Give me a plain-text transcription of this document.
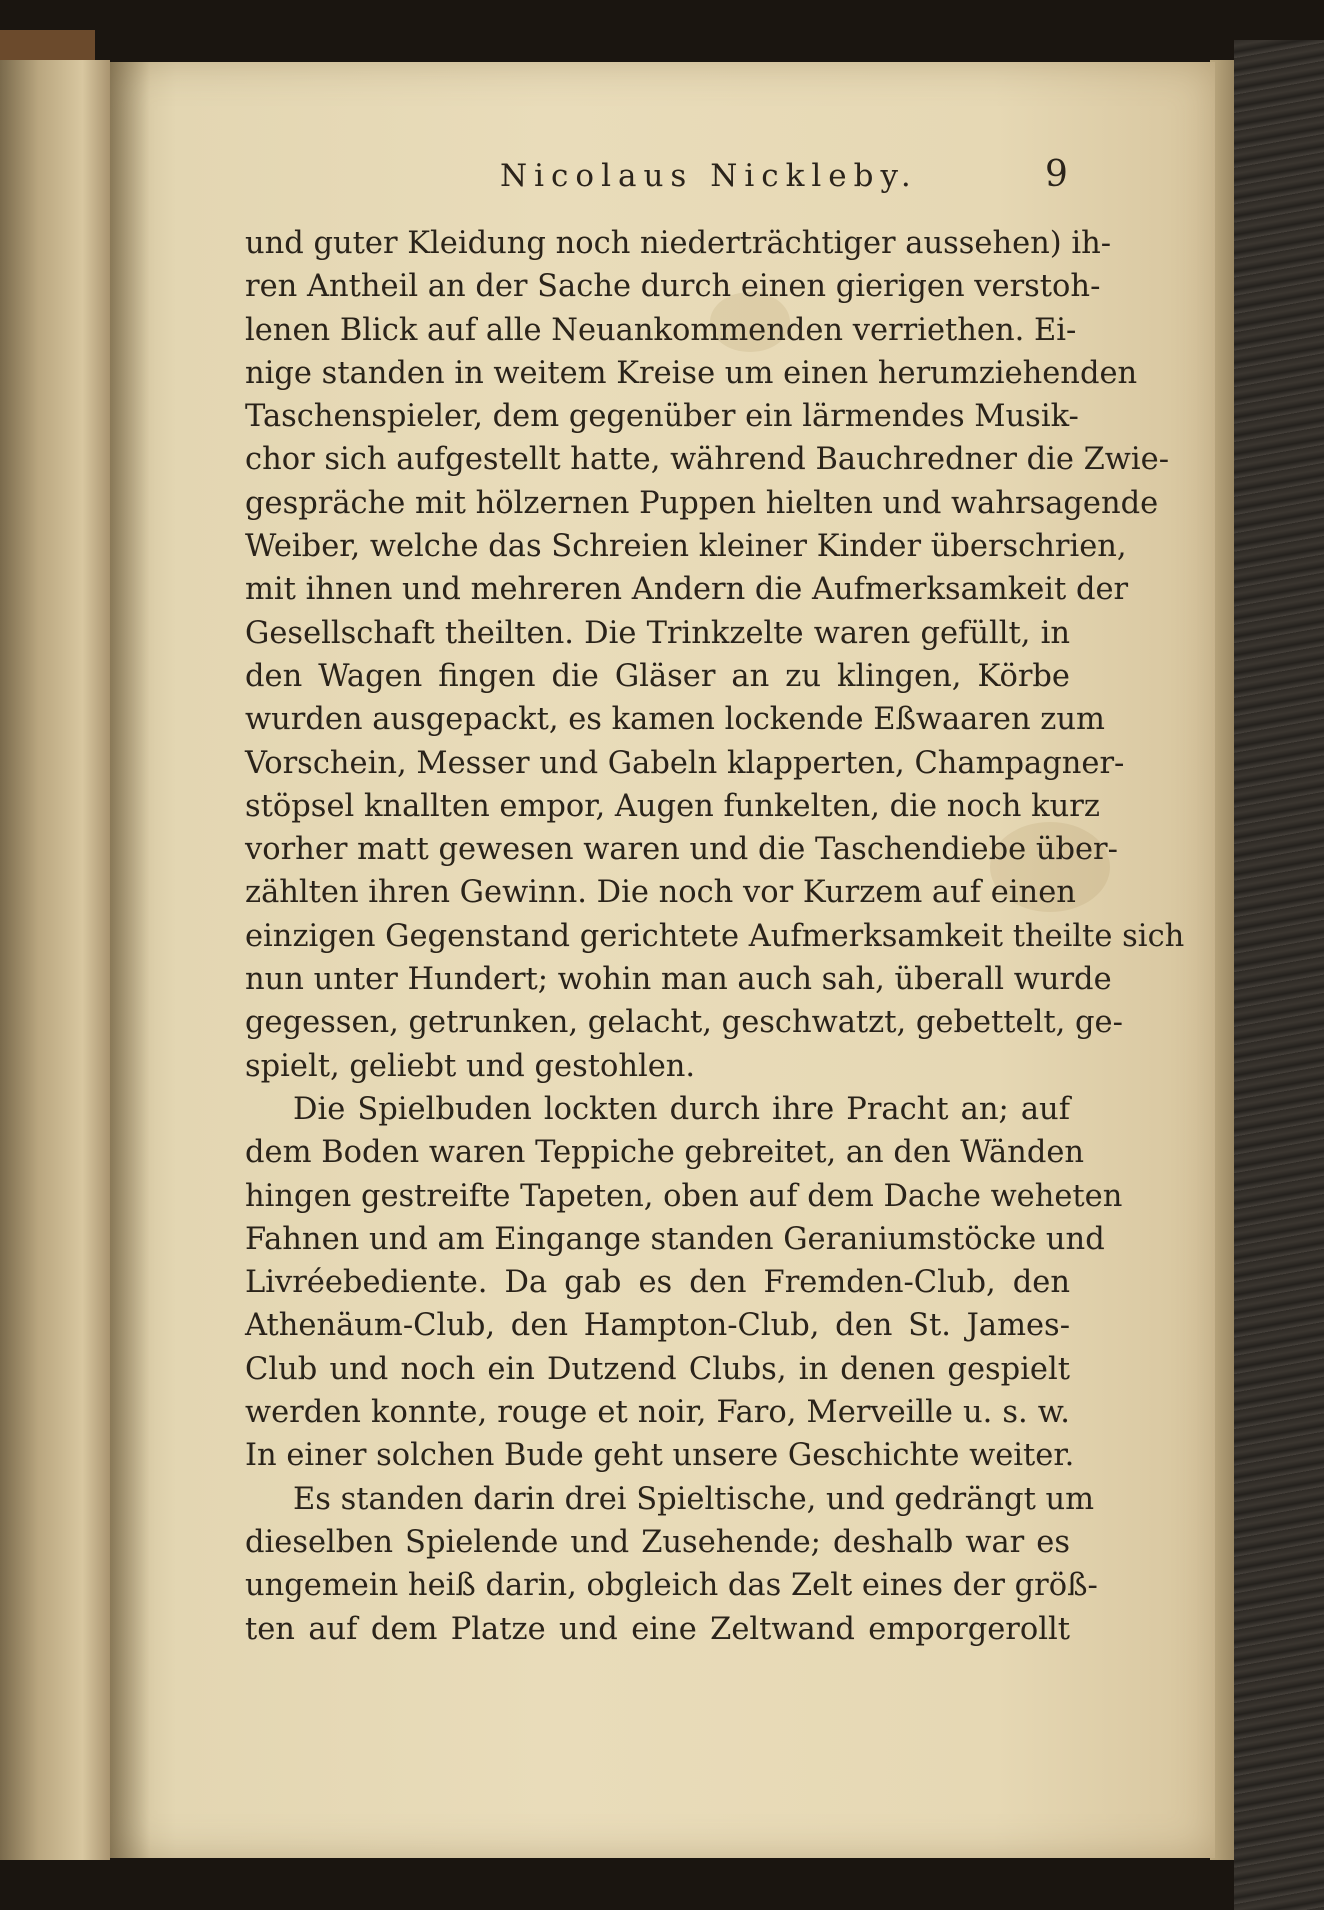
Nicolaus Nickleby.	9
und guter Kleidung noch niederträchtiger aussehen) ih-
ren Antheil an der Sache durch einen gierigen verstoh-
lenen Blick auf alle Neuankommenden verriethen. Ei-
nige standen in weitem Kreise um einen herumziehenden
Taschenspieler, dem gegenüber ein lärmendes Musik-
chor sich aufgestellt hatte, während Bauchredner die Zwie-
gespräche mit hölzernen Puppen hielten und wahrsagende
Weiber, welche das Schreien kleiner Kinder überschrien,
mit ihnen und mehreren Andern die Aufmerksamkeit der
Gesellschaft theilten. Die Trinkzelte waren gefüllt, in
den Wagen fingen die Gläser an zu klingen, Körbe
wurden ausgepackt, es kamen lockende Eßwaaren zum
Vorschein, Messer und Gabeln klapperten, Champagner-
stöpsel knallten empor, Augen funkelten, die noch kurz
vorher matt gewesen waren und die Taschendiebe über-
zählten ihren Gewinn. Die noch vor Kurzem auf einen
einzigen Gegenstand gerichtete Aufmerksamkeit theilte sich
nun unter Hundert; wohin man auch sah, überall wurde
gegessen, getrunken, gelacht, geschwatzt, gebettelt, ge-
spielt, geliebt und gestohlen.
Die Spielbuden lockten durch ihre Pracht an; auf
dem Boden waren Teppiche gebreitet, an den Wänden
hingen gestreifte Tapeten, oben auf dem Dache weheten
Fahnen und am Eingange standen Geraniumstöcke und
Livréebediente. Da gab es den Fremden-Club, den
Athenäum-Club, den Hampton-Club, den St. James-
Club und noch ein Dutzend Clubs, in denen gespielt
werden konnte, rouge et noir, Faro, Merveille u. s. w.
In einer solchen Bude geht unsere Geschichte weiter.
Es standen darin drei Spieltische, und gedrängt um
dieselben Spielende und Zusehende; deshalb war es
ungemein heiß darin, obgleich das Zelt eines der größ-
ten auf dem Platze und eine Zeltwand emporgerollt
